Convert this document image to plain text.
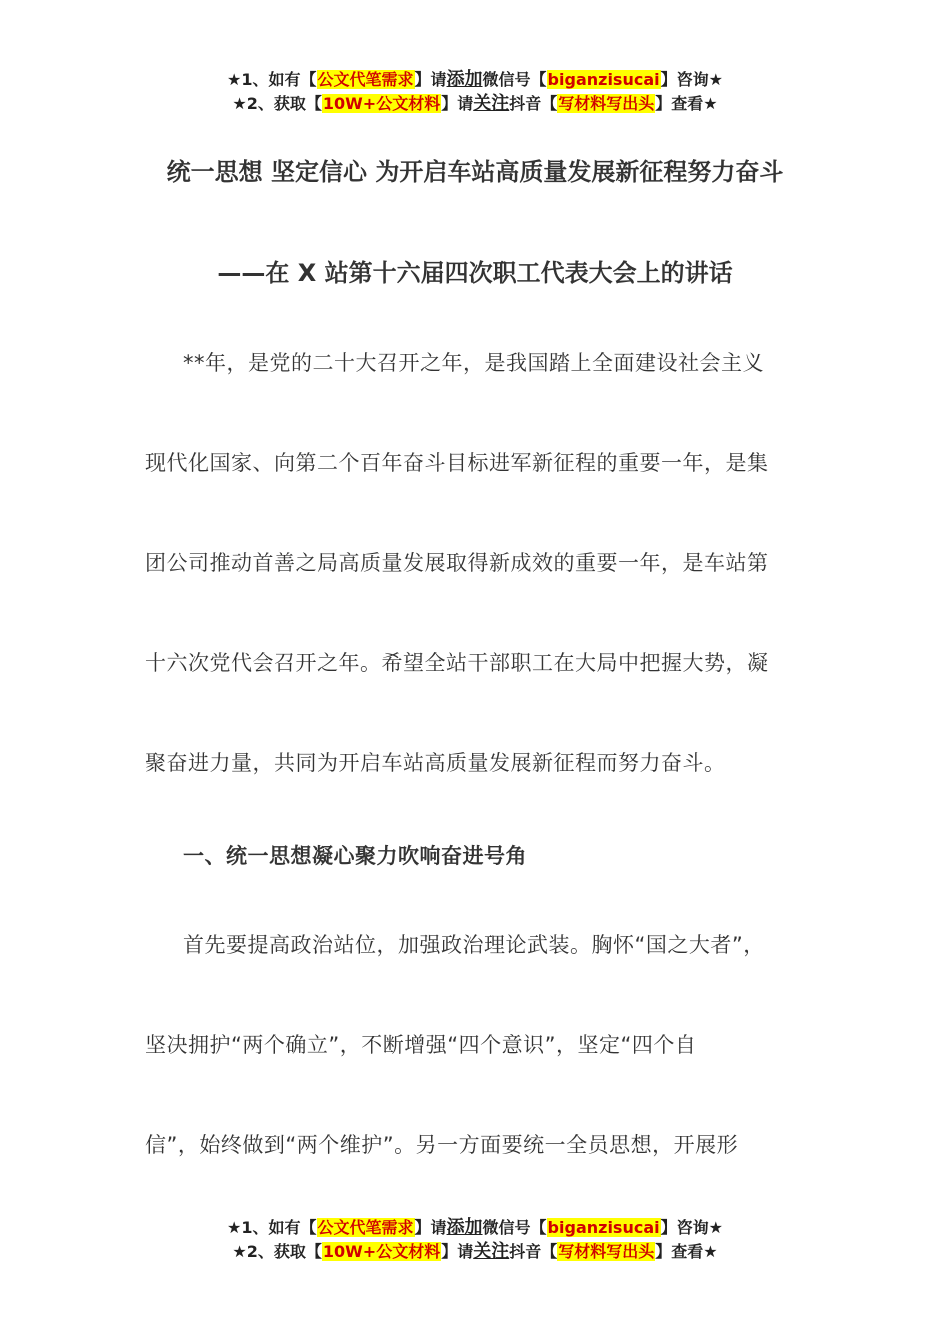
★1、如有【公文代笔需求】请添加微信号【biganzisucai】咨询★
★2、获取【10W+公文材料】请关注抖音【写材料写出头】查看★
统一思想 坚定信心 为开启车站高质量发展新征程努力奋斗
——在 X 站第十六届四次职工代表大会上的讲话
**年，是党的二十大召开之年，是我国踏上全面建设社会主义
现代化国家、向第二个百年奋斗目标进军新征程的重要一年，是集
团公司推动首善之局高质量发展取得新成效的重要一年，是车站第
十六次党代会召开之年。希望全站干部职工在大局中把握大势，凝
聚奋进力量，共同为开启车站高质量发展新征程而努力奋斗。
一、统一思想凝心聚力吹响奋进号角
首先要提高政治站位，加强政治理论武装。胸怀“国之大者”，
坚决拥护“两个确立”，不断增强“四个意识”，坚定“四个自
信”，始终做到“两个维护”。另一方面要统一全员思想，开展形
★1、如有【公文代笔需求】请添加微信号【biganzisucai】咨询★
★2、获取【10W+公文材料】请关注抖音【写材料写出头】查看★
